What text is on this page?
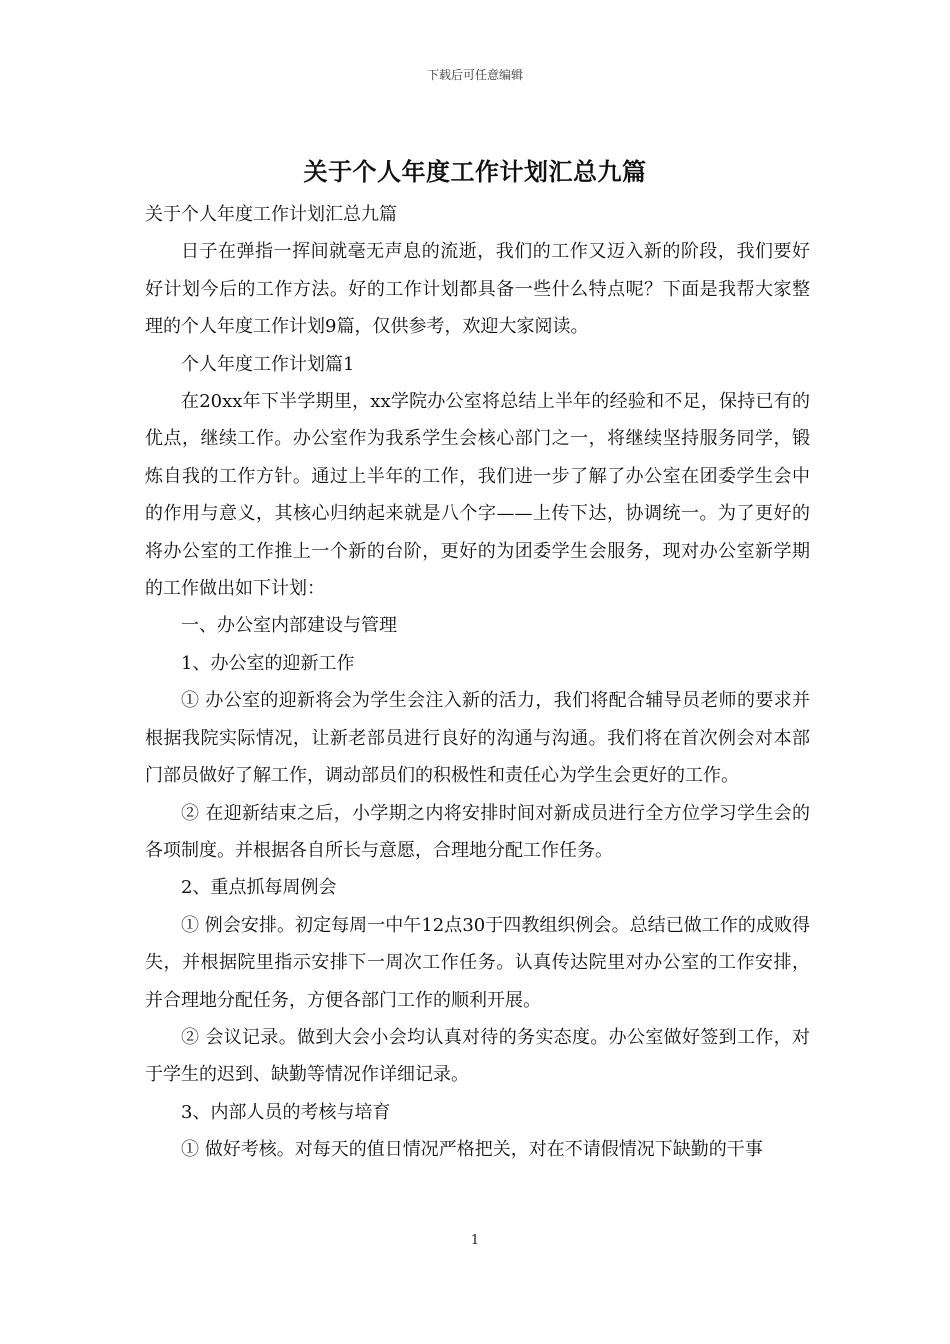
下载后可任意编辑
关于个人年度工作计划汇总九篇

关于个人年度工作计划汇总九篇

日子在弹指一挥间就毫无声息的流逝，我们的工作又迈入新的阶段，我们要好好计划今后的工作方法。好的工作计划都具备一些什么特点呢？下面是我帮大家整理的个人年度工作计划9篇，仅供参考，欢迎大家阅读。

个人年度工作计划篇1

在20xx年下半学期里，xx学院办公室将总结上半年的经验和不足，保持已有的优点，继续工作。办公室作为我系学生会核心部门之一，将继续坚持服务同学，锻炼自我的工作方针。通过上半年的工作，我们进一步了解了办公室在团委学生会中的作用与意义，其核心归纳起来就是八个字——上传下达，协调统一。为了更好的将办公室的工作推上一个新的台阶，更好的为团委学生会服务，现对办公室新学期的工作做出如下计划：

一、办公室内部建设与管理

1、办公室的迎新工作

① 办公室的迎新将会为学生会注入新的活力，我们将配合辅导员老师的要求并根据我院实际情况，让新老部员进行良好的沟通与沟通。我们将在首次例会对本部门部员做好了解工作，调动部员们的积极性和责任心为学生会更好的工作。

② 在迎新结束之后，小学期之内将安排时间对新成员进行全方位学习学生会的各项制度。并根据各自所长与意愿，合理地分配工作任务。

2、重点抓每周例会

① 例会安排。初定每周一中午12点30于四教组织例会。总结已做工作的成败得失，并根据院里指示安排下一周次工作任务。认真传达院里对办公室的工作安排，并合理地分配任务，方便各部门工作的顺利开展。

② 会议记录。做到大会小会均认真对待的务实态度。办公室做好签到工作，对于学生的迟到、缺勤等情况作详细记录。

3、内部人员的考核与培育

① 做好考核。对每天的值日情况严格把关，对在不请假情况下缺勤的干事

1
